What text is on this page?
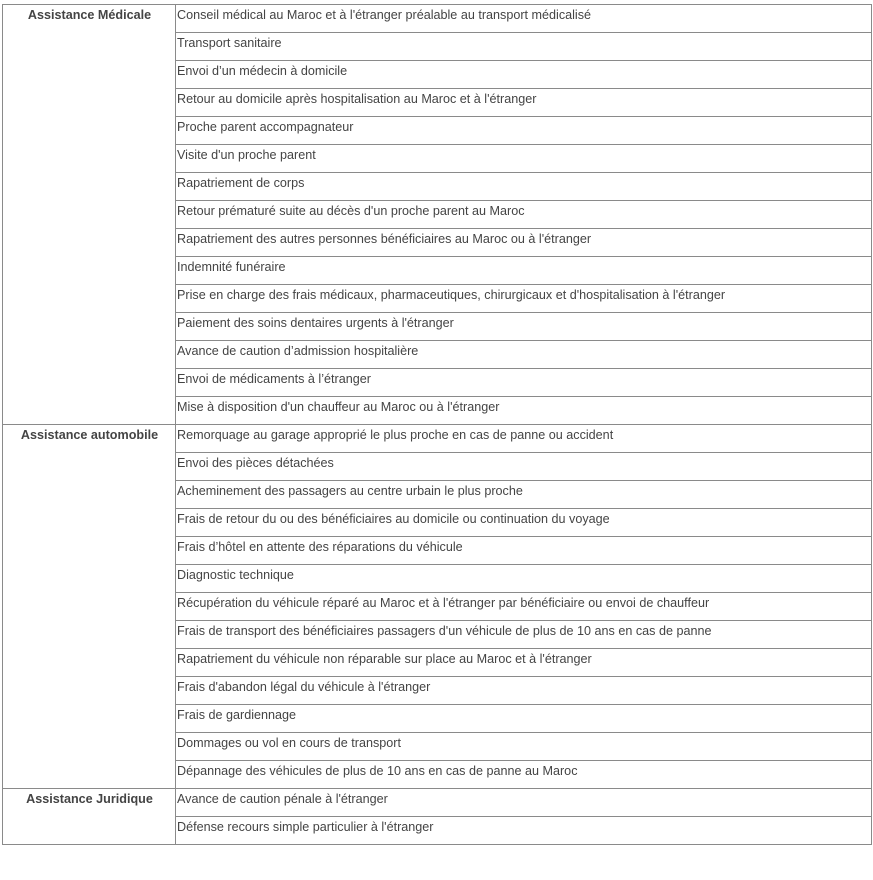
Assistance Médicale	Conseil médical au Maroc et à l'étranger préalable au transport médicalisé
	Transport sanitaire
	Envoi d’un médecin à domicile
	Retour au domicile après hospitalisation au Maroc et à l'étranger
	Proche parent accompagnateur
	Visite d'un proche parent
	Rapatriement de corps
	Retour prématuré suite au décès d'un proche parent au Maroc
	Rapatriement des autres personnes bénéficiaires au Maroc ou à l'étranger
	Indemnité funéraire
	Prise en charge des frais médicaux, pharmaceutiques, chirurgicaux et d'hospitalisation à l'étranger
	Paiement des soins dentaires urgents à l'étranger
	Avance de caution d’admission hospitalière
	Envoi de médicaments à l’étranger
	Mise à disposition d'un chauffeur au Maroc ou à l'étranger
Assistance automobile	Remorquage au garage approprié le plus proche en cas de panne ou accident
	Envoi des pièces détachées
	Acheminement des passagers au centre urbain le plus proche
	Frais de retour du ou des bénéficiaires au domicile ou continuation du voyage
	Frais d’hôtel en attente des réparations du véhicule
	Diagnostic technique
	Récupération du véhicule réparé au Maroc et à l'étranger par bénéficiaire ou envoi de chauffeur
	Frais de transport des bénéficiaires passagers d'un véhicule de plus de 10 ans en cas de panne
	Rapatriement du véhicule non réparable sur place au Maroc et à l'étranger
	Frais d'abandon légal du véhicule à l'étranger
	Frais de gardiennage
	Dommages ou vol en cours de transport
	Dépannage des véhicules de plus de 10 ans en cas de panne au Maroc
Assistance Juridique	Avance de caution pénale à l'étranger
	Défense recours simple particulier à l'étranger
